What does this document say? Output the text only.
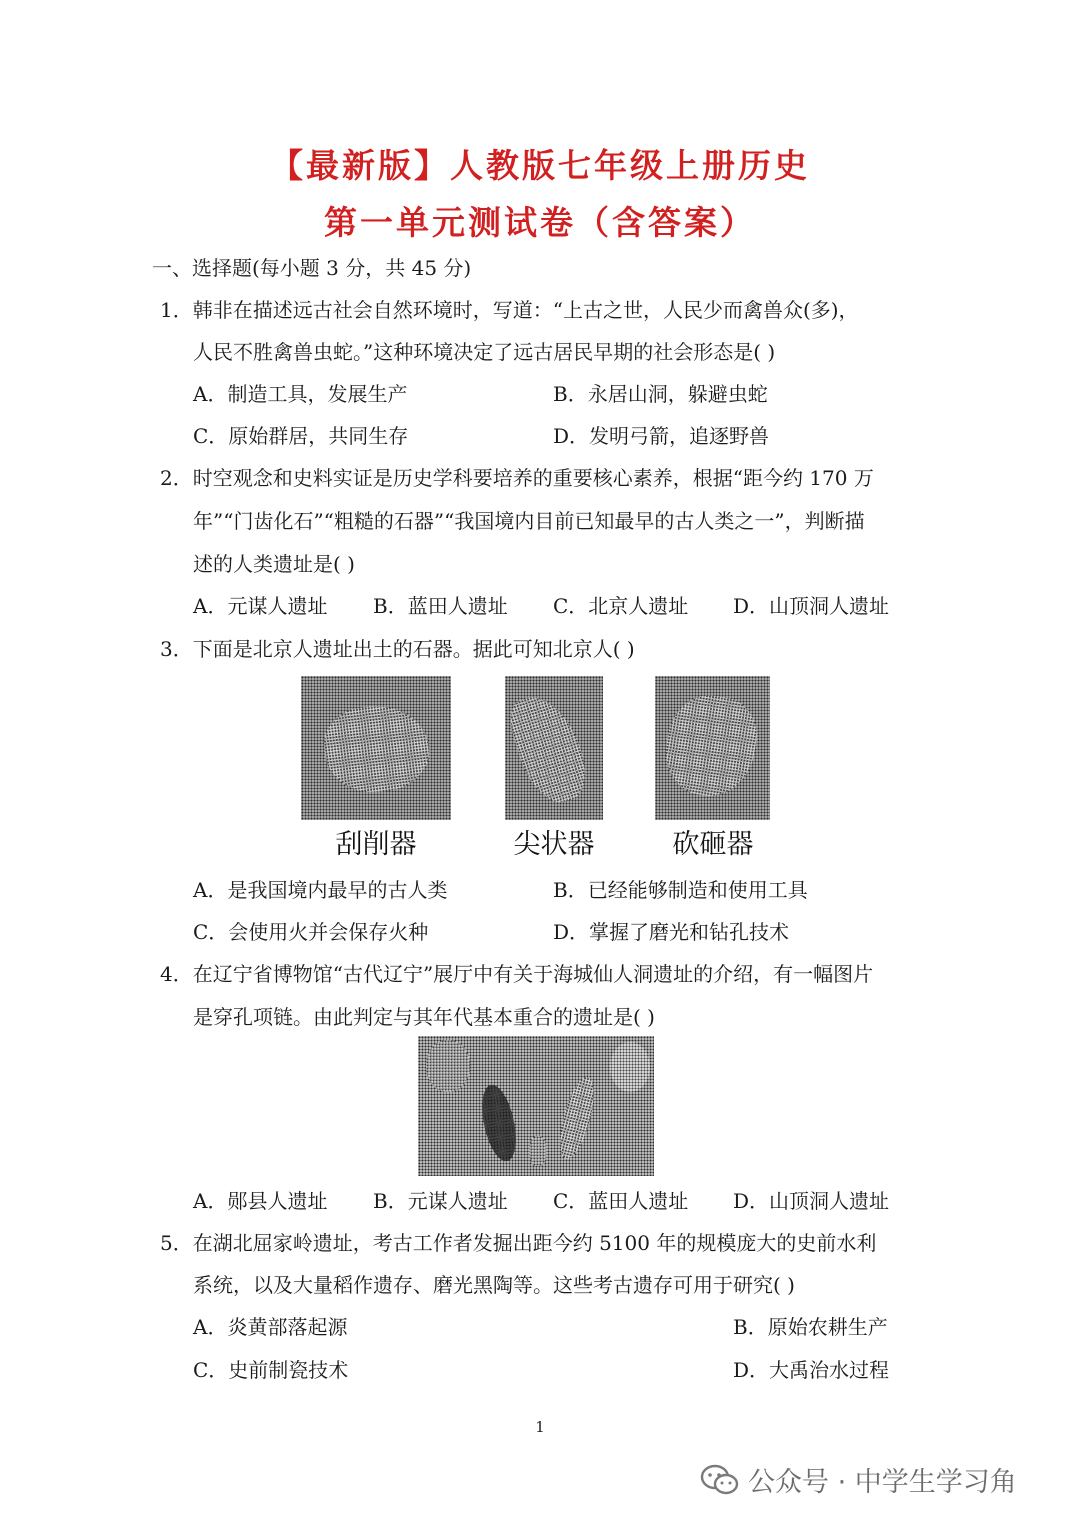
【最新版】人教版七年级上册历史
第一单元测试卷（含答案）
一、选择题(每小题 3 分，共 45 分)
1．韩非在描述远古社会自然环境时，写道：“上古之世，人民少而禽兽众(多)，
人民不胜禽兽虫蛇。”这种环境决定了远古居民早期的社会形态是( )
A．制造工具，发展生产	B．永居山洞，躲避虫蛇
C．原始群居，共同生存	D．发明弓箭，追逐野兽
2．时空观念和史料实证是历史学科要培养的重要核心素养，根据“距今约 170 万
年”“门齿化石”“粗糙的石器”“我国境内目前已知最早的古人类之一”，判断描
述的人类遗址是( )
A．元谋人遗址 B．蓝田人遗址 C．北京人遗址 D．山顶洞人遗址
3．下面是北京人遗址出土的石器。据此可知北京人( )
刮削器	尖状器	砍砸器
A．是我国境内最早的古人类	B．已经能够制造和使用工具
C．会使用火并会保存火种	D．掌握了磨光和钻孔技术
4．在辽宁省博物馆“古代辽宁”展厅中有关于海城仙人洞遗址的介绍，有一幅图片
是穿孔项链。由此判定与其年代基本重合的遗址是( )
A．郧县人遗址 B．元谋人遗址 C．蓝田人遗址 D．山顶洞人遗址
5．在湖北屈家岭遗址，考古工作者发掘出距今约 5100 年的规模庞大的史前水利
系统，以及大量稻作遗存、磨光黑陶等。这些考古遗存可用于研究( )
A．炎黄部落起源	B．原始农耕生产
C．史前制瓷技术	D．大禹治水过程
1
公众号 · 中学生学习角
